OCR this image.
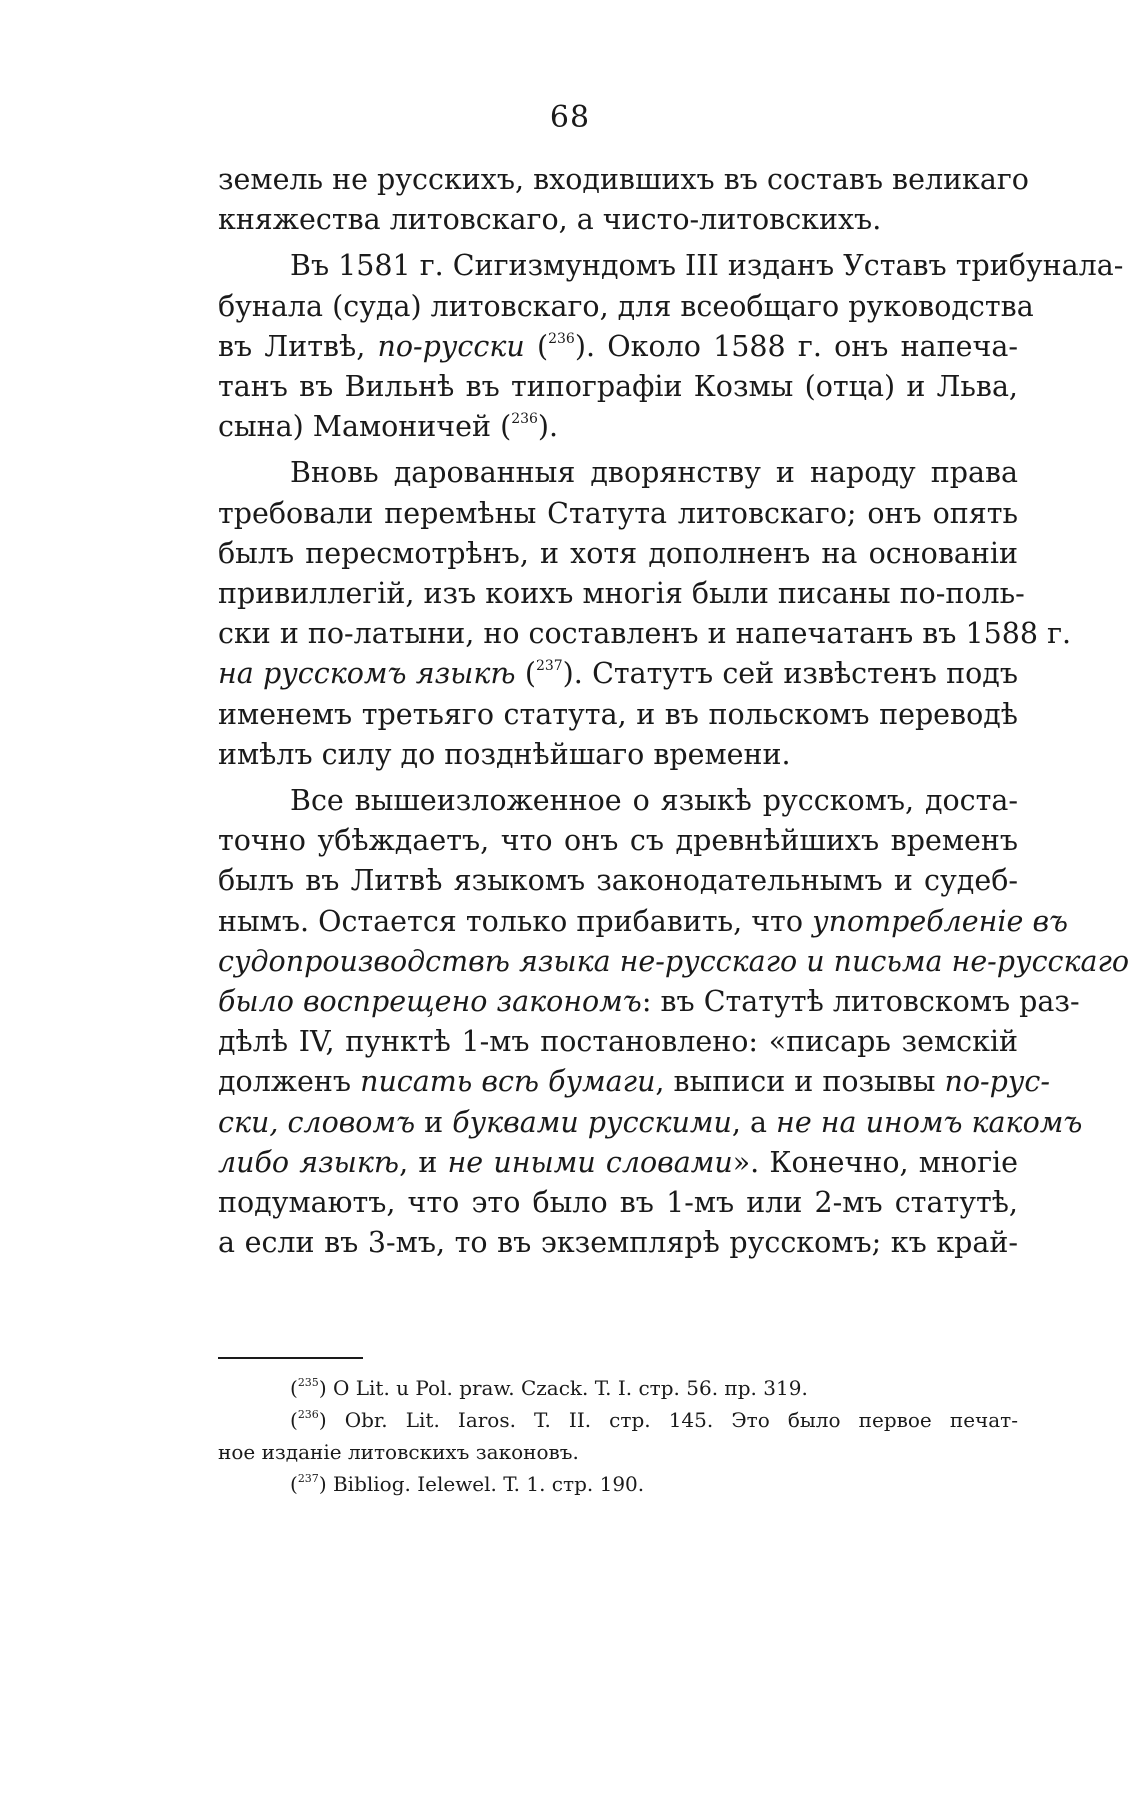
68
земель не русскихъ, входившихъ въ составъ великаго
княжества литовскаго, а чисто-литовскихъ.
Въ 1581 г. Сигизмундомъ III изданъ Уставъ трибунала-
бунала (суда) литовскаго, для всеобщаго руководства
въ Литвѣ, по-русски ($^{236}$). Около 1588 г. онъ напеча-
танъ въ Вильнѣ въ типографіи Козмы (отца) и Льва,
сына) Мамоничей ($^{236}$).
Вновь дарованныя дворянству и народу права
требовали перемѣны Статута литовскаго; онъ опять
былъ пересмотрѣнъ, и хотя дополненъ на основаніи
привиллегій, изъ коихъ многія были писаны по-поль-
ски и по-латыни, но составленъ и напечатанъ въ 1588 г.
на русскомъ языкѣ ($^{237}$). Статутъ сей извѣстенъ подъ
именемъ третьяго статута, и въ польскомъ переводѣ
имѣлъ силу до позднѣйшаго времени.
Все вышеизложенное о языкѣ русскомъ, доста-
точно убѣждаетъ, что онъ съ древнѣйшихъ временъ
былъ въ Литвѣ языкомъ законодательнымъ и судеб-
нымъ. Остается только прибавить, что употребленіе въ
судопроизводствѣ языка не-русскаго и письма не-русскаго
было воспрещено закономъ: въ Статутѣ литовскомъ раз-
дѣлѣ IV, пунктѣ 1-мъ постановлено: «писарь земскій
долженъ писать всѣ бумаги, выписи и позывы по-рус-
ски, словомъ и буквами русскими, а не на иномъ какомъ
либо языкѣ, и не иными словами». Конечно, многіе
подумаютъ, что это было въ 1-мъ или 2-мъ статутѣ,
а если въ 3-мъ, то въ экземплярѣ русскомъ; къ край-
($^{235}$) O Lit. u Pol. praw. Czack. T. I. стр. 56. пр. 319.
($^{236}$) Obr. Lit. Iaros. T. II. стр. 145. Это было первое печат-
ное изданіе литовскихъ законовъ.
($^{237}$) Bibliog. Ielewel. T. 1. стр. 190.
